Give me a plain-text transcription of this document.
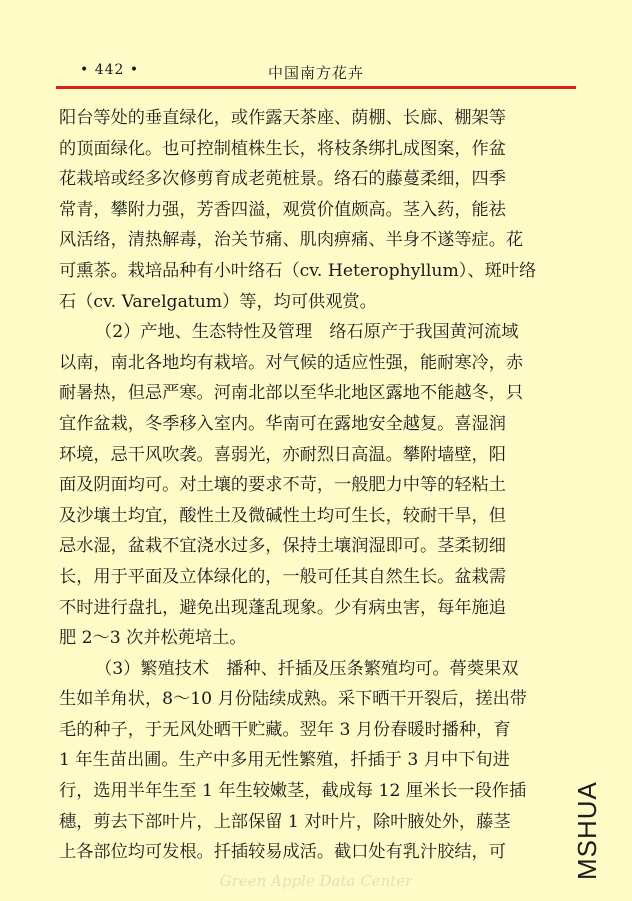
• 442 •	中国南方花卉
阳台等处的垂直绿化，或作露天茶座、荫棚、长廊、棚架等
的顶面绿化。也可控制植株生长，将枝条绑扎成图案，作盆
花栽培或经多次修剪育成老蔸桩景。络石的藤蔓柔细，四季
常青，攀附力强，芳香四溢，观赏价值颇高。茎入药，能祛
风活络，清热解毒，治关节痛、肌肉痹痛、半身不遂等症。花
可熏茶。栽培品种有小叶络石（cv. Heterophyllum）、斑叶络
石（cv. Varelgatum）等，均可供观赏。
（2）产地、生态特性及管理　络石原产于我国黄河流域
以南，南北各地均有栽培。对气候的适应性强，能耐寒冷，赤
耐暑热，但忌严寒。河南北部以至华北地区露地不能越冬，只
宜作盆栽，冬季移入室内。华南可在露地安全越复。喜湿润
环境，忌干风吹袭。喜弱光，亦耐烈日高温。攀附墙壁，阳
面及阴面均可。对土壤的要求不苛，一般肥力中等的轻粘土
及沙壤土均宜，酸性土及微碱性土均可生长，较耐干旱，但
忌水湿，盆栽不宜浇水过多，保持土壤润湿即可。茎柔韧细
长，用于平面及立体绿化的，一般可任其自然生长。盆栽需
不时进行盘扎，避免出现蓬乱现象。少有病虫害，每年施追
肥 2～3 次并松蔸培土。
（3）繁殖技术　播种、扦插及压条繁殖均可。蓇葖果双
生如羊角状，8～10 月份陆续成熟。采下晒干开裂后，搓出带
毛的种子，于无风处晒干贮藏。翌年 3 月份春暖时播种，育
1 年生苗出圃。生产中多用无性繁殖，扦插于 3 月中下旬进
行，选用半年生至 1 年生较嫩茎，截成每 12 厘米长一段作插
穗，剪去下部叶片，上部保留 1 对叶片，除叶腋处外，藤茎
上各部位均可发根。扦插较易成活。截口处有乳汁胶结，可
Green Apple Data Center
MSHUA
